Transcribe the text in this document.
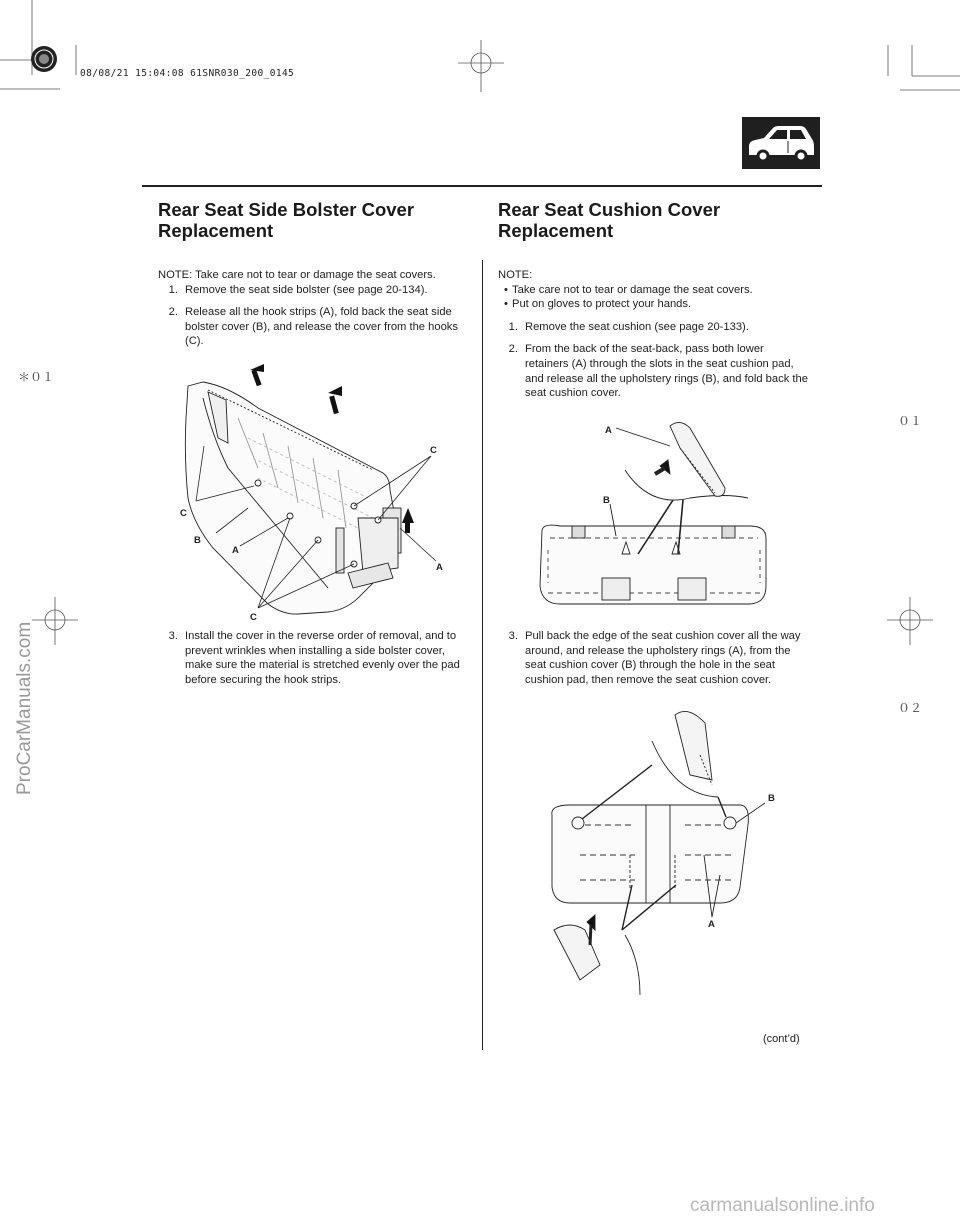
08/08/21 15:04:08 61SNR030_200_0145
＊０１
０１
０２
ProCarManuals.com
carmanualsonline.info
Rear Seat Side Bolster Cover
Replacement
NOTE: Take care not to tear or damage the seat covers.
1. Remove the seat side bolster (see page 20-134).
2. Release all the hook strips (A), fold back the seat side bolster cover (B), and release the cover from the hooks (C).
C
C
B
A
A
C
3. Install the cover in the reverse order of removal, and to prevent wrinkles when installing a side bolster cover, make sure the material is stretched evenly over the pad before securing the hook strips.
Rear Seat Cushion Cover
Replacement
NOTE:
• Take care not to tear or damage the seat covers.
• Put on gloves to protect your hands.
1. Remove the seat cushion (see page 20-133).
2. From the back of the seat-back, pass both lower retainers (A) through the slots in the seat cushion pad, and release all the upholstery rings (B), and fold back the seat cushion cover.
A
B
3. Pull back the edge of the seat cushion cover all the way around, and release the upholstery rings (A), from the seat cushion cover (B) through the hole in the seat cushion pad, then remove the seat cushion cover.
B
A
(cont’d)
